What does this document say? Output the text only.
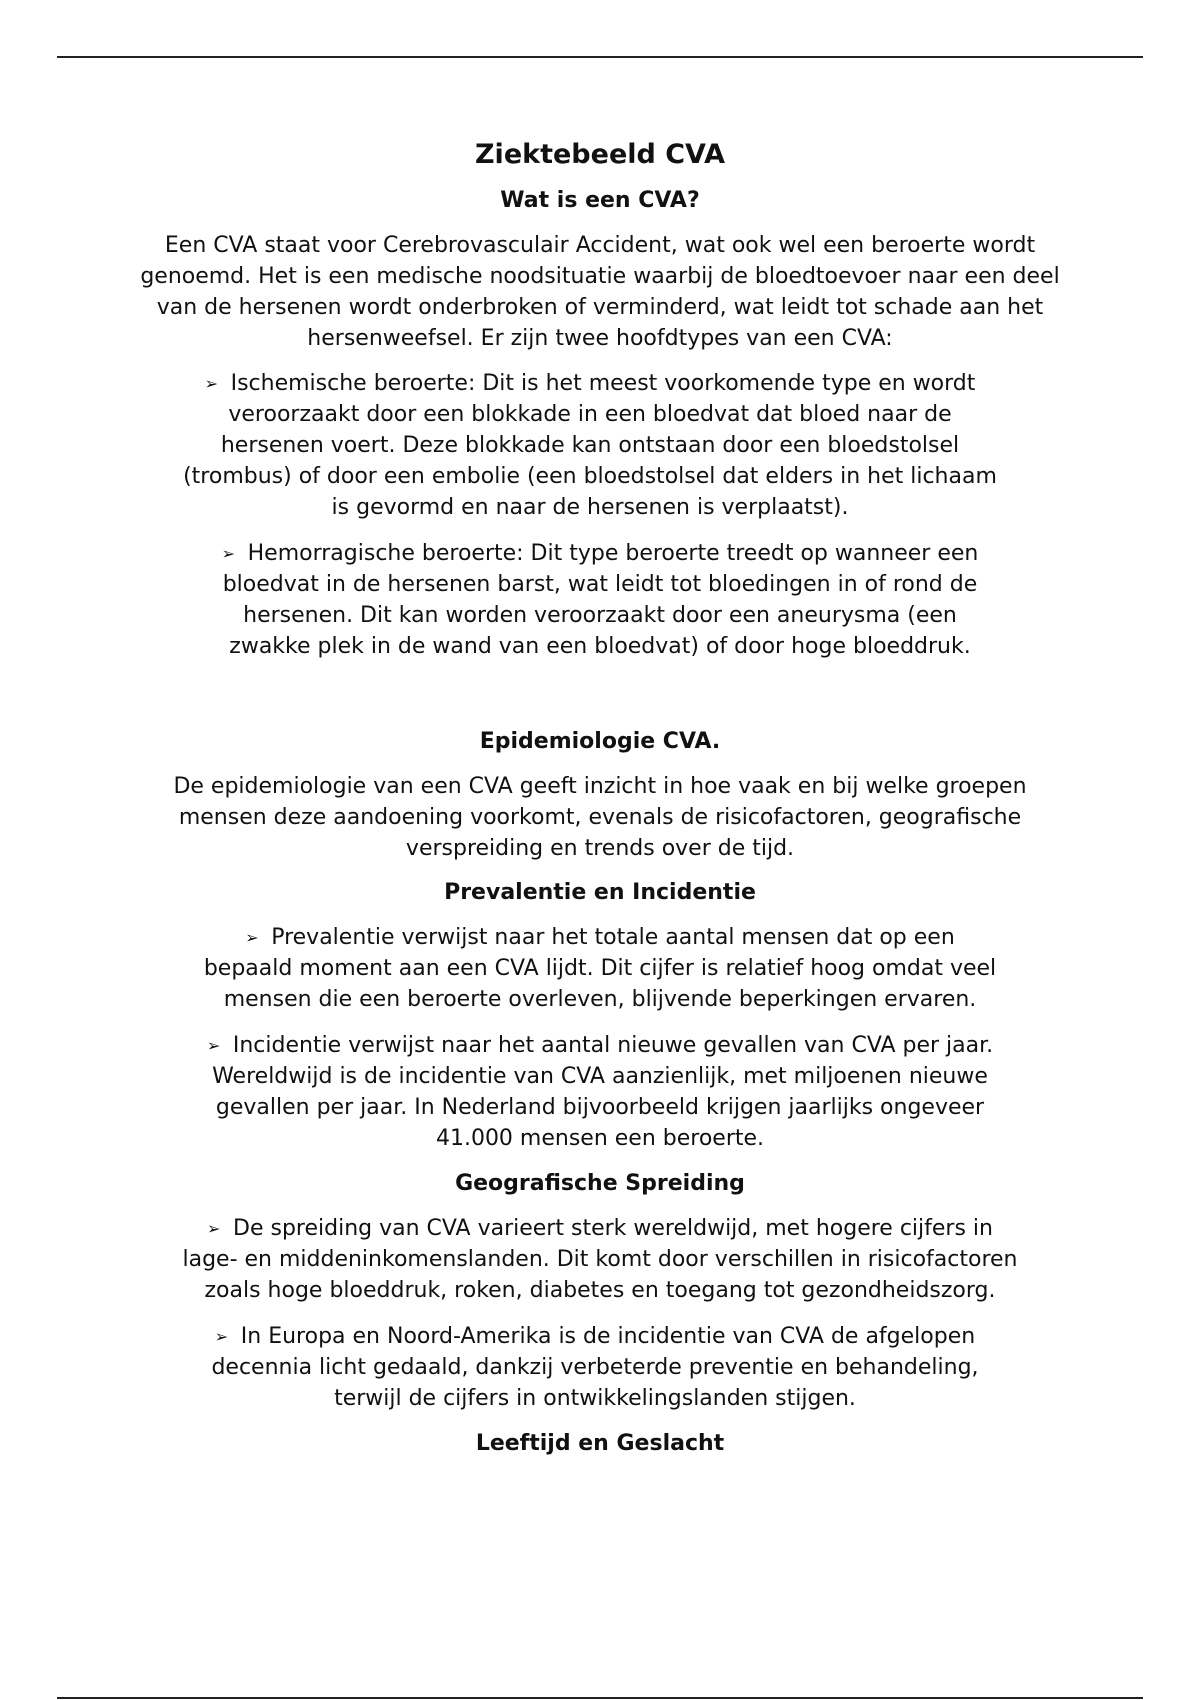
Ziektebeeld CVA
Wat is een CVA?
Een CVA staat voor Cerebrovasculair Accident, wat ook wel een beroerte wordt genoemd. Het is een medische noodsituatie waarbij de bloedtoevoer naar een deel van de hersenen wordt onderbroken of verminderd, wat leidt tot schade aan het hersenweefsel. Er zijn twee hoofdtypes van een CVA:
➢ Ischemische beroerte: Dit is het meest voorkomende type en wordt veroorzaakt door een blokkade in een bloedvat dat bloed naar de hersenen voert. Deze blokkade kan ontstaan door een bloedstolsel (trombus) of door een embolie (een bloedstolsel dat elders in het lichaam is gevormd en naar de hersenen is verplaatst).
➢ Hemorragische beroerte: Dit type beroerte treedt op wanneer een bloedvat in de hersenen barst, wat leidt tot bloedingen in of rond de hersenen. Dit kan worden veroorzaakt door een aneurysma (een zwakke plek in de wand van een bloedvat) of door hoge bloeddruk.
Epidemiologie CVA.
De epidemiologie van een CVA geeft inzicht in hoe vaak en bij welke groepen mensen deze aandoening voorkomt, evenals de risicofactoren, geografische verspreiding en trends over de tijd.
Prevalentie en Incidentie
➢ Prevalentie verwijst naar het totale aantal mensen dat op een bepaald moment aan een CVA lijdt. Dit cijfer is relatief hoog omdat veel mensen die een beroerte overleven, blijvende beperkingen ervaren.
➢ Incidentie verwijst naar het aantal nieuwe gevallen van CVA per jaar. Wereldwijd is de incidentie van CVA aanzienlijk, met miljoenen nieuwe gevallen per jaar. In Nederland bijvoorbeeld krijgen jaarlijks ongeveer 41.000 mensen een beroerte.
Geografische Spreiding
➢ De spreiding van CVA varieert sterk wereldwijd, met hogere cijfers in lage- en middeninkomenslanden. Dit komt door verschillen in risicofactoren zoals hoge bloeddruk, roken, diabetes en toegang tot gezondheidszorg.
➢ In Europa en Noord-Amerika is de incidentie van CVA de afgelopen decennia licht gedaald, dankzij verbeterde preventie en behandeling, terwijl de cijfers in ontwikkelingslanden stijgen.
Leeftijd en Geslacht
